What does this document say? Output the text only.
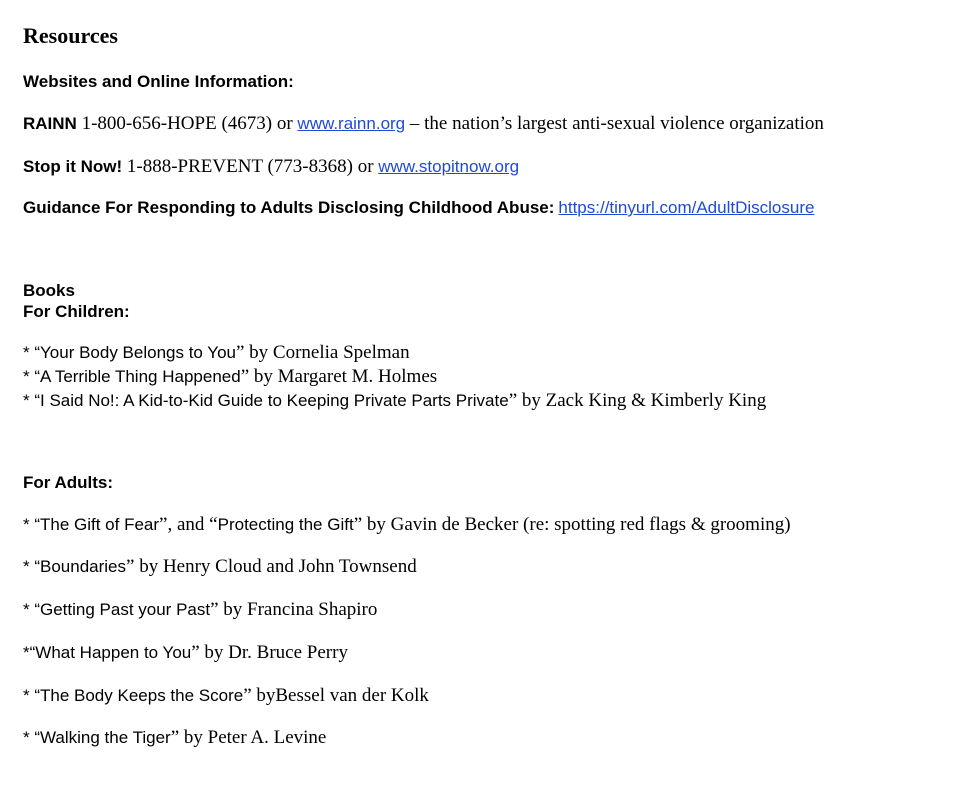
Resources
Websites and Online Information:
RAINN 1-800-656-HOPE (4673) or www.rainn.org – the nation’s largest anti-sexual violence organization
Stop it Now! 1-888-PREVENT (773-8368) or www.stopitnow.org
Guidance For Responding to Adults Disclosing Childhood Abuse: https://tinyurl.com/AdultDisclosure
Books
For Children:
* “Your Body Belongs to You” by Cornelia Spelman
* “A Terrible Thing Happened” by Margaret M. Holmes
* “I Said No!: A Kid-to-Kid Guide to Keeping Private Parts Private” by Zack King & Kimberly King
For Adults:
* “The Gift of Fear”, and “Protecting the Gift” by Gavin de Becker (re: spotting red flags & grooming)
* “Boundaries” by Henry Cloud and John Townsend
* “Getting Past your Past” by Francina Shapiro
*“What Happen to You” by Dr. Bruce Perry
* “The Body Keeps the Score” byBessel van der Kolk
* “Walking the Tiger” by Peter A. Levine
